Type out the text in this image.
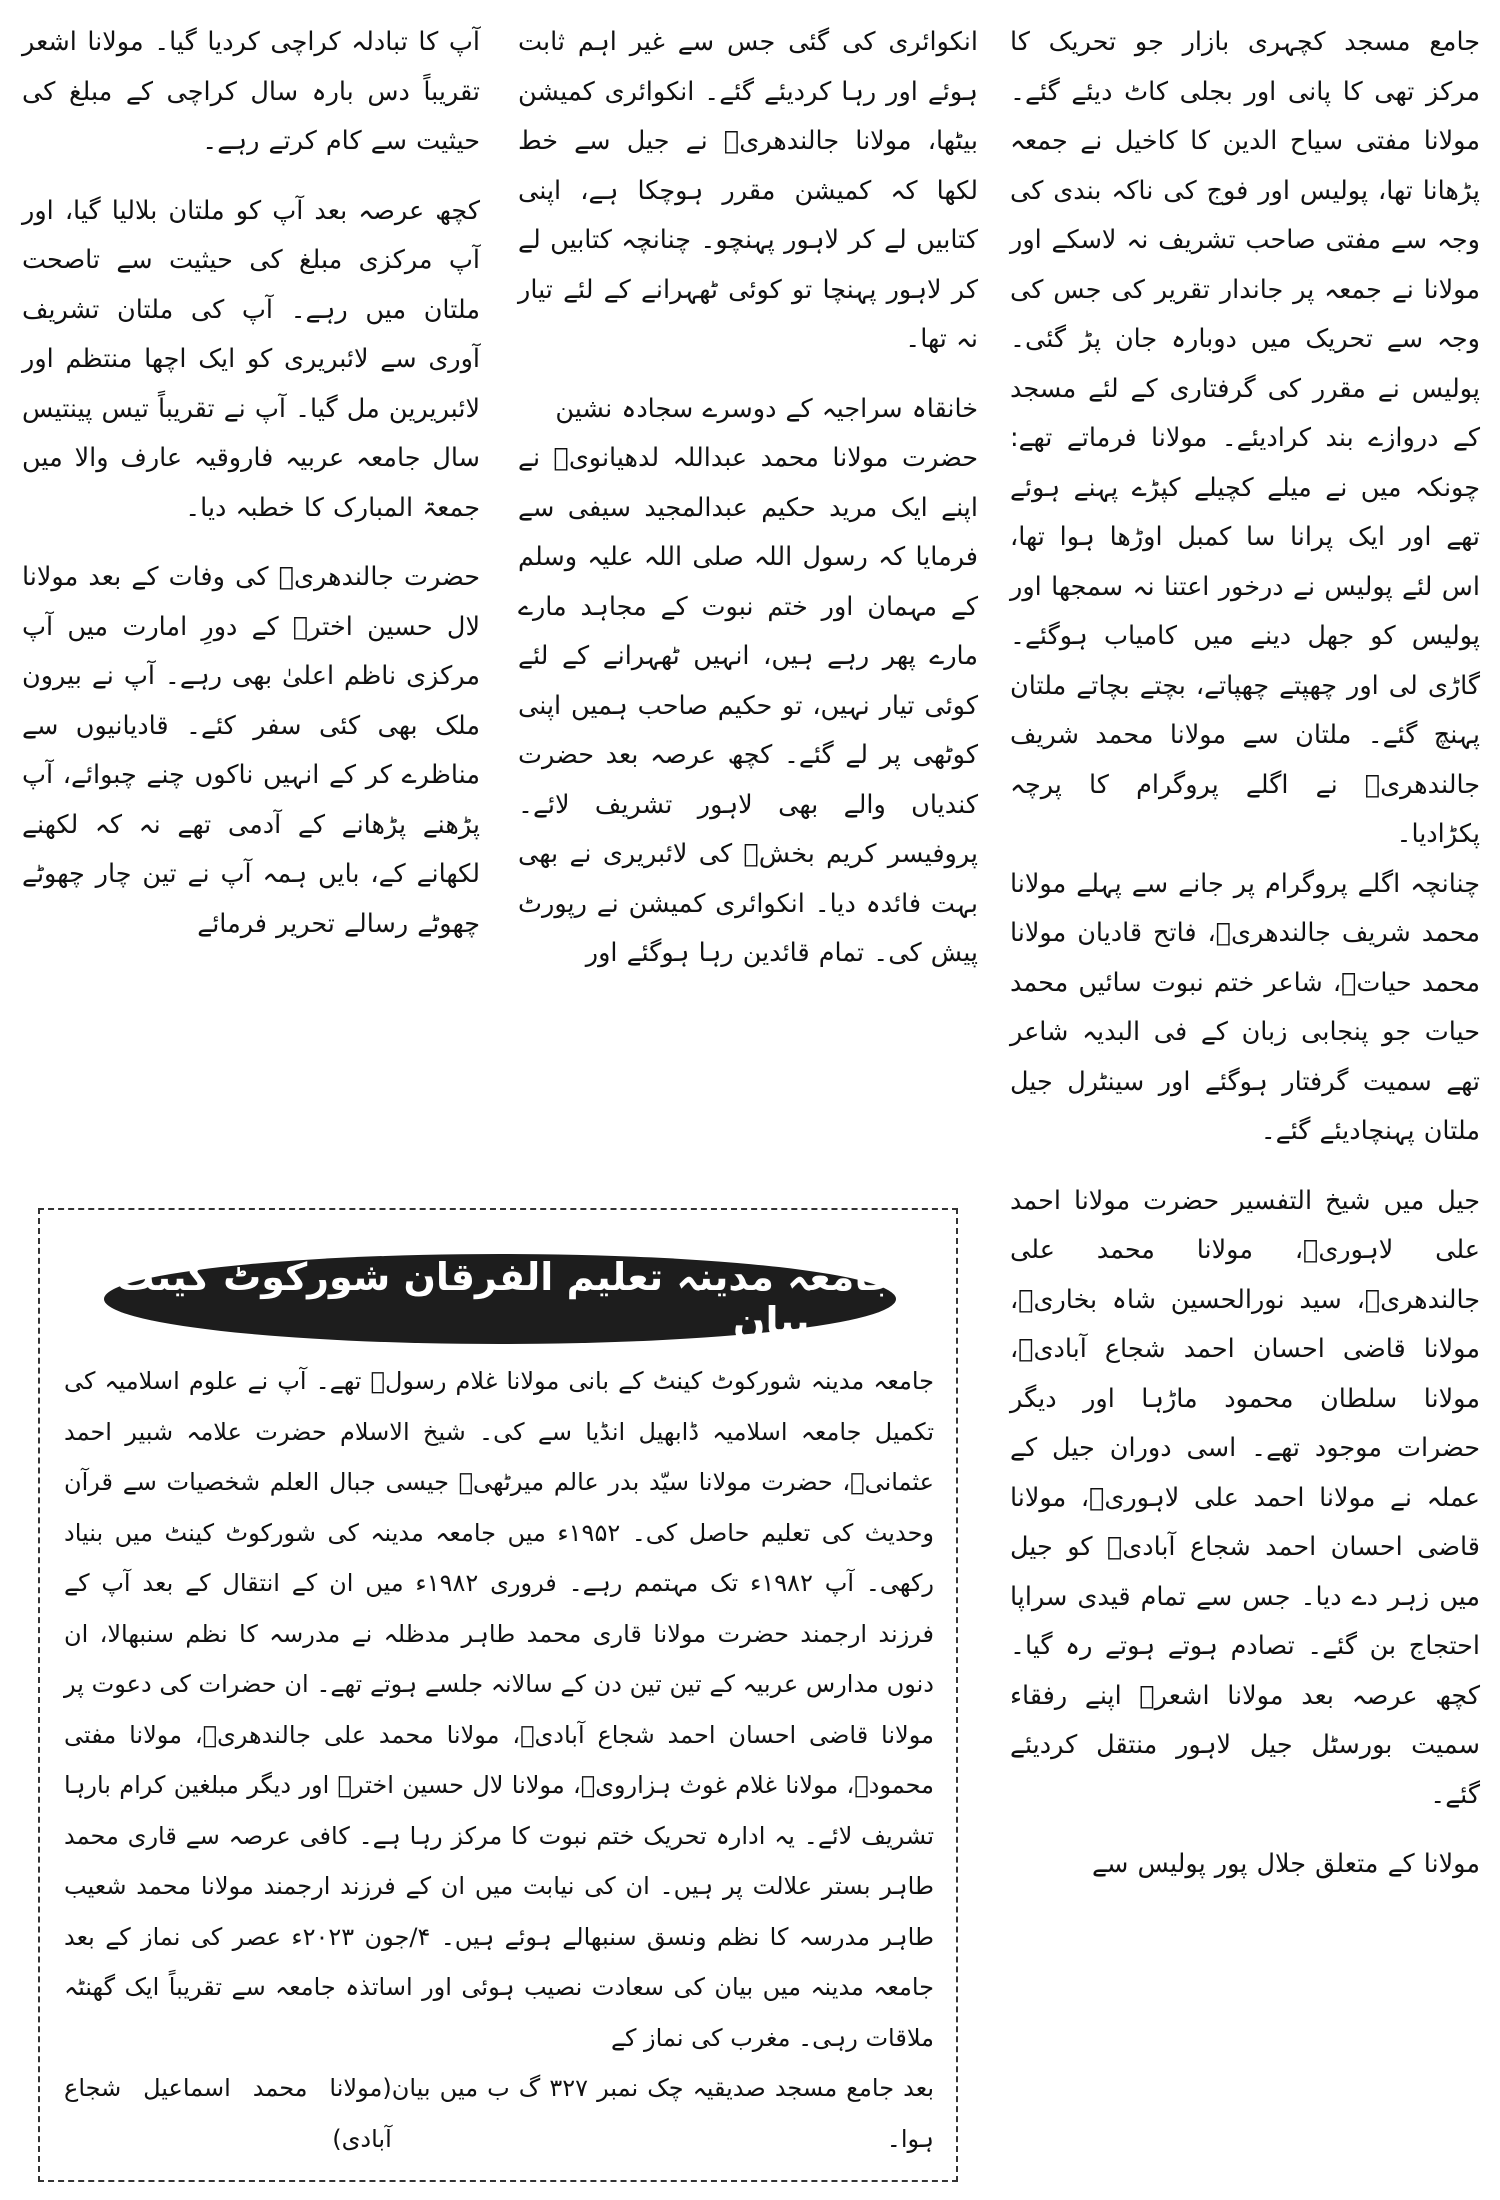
جامع مسجد کچہری بازار جو تحریک کا مرکز تھی کا پانی اور بجلی کاٹ دیئے گئے۔ مولانا مفتی سیاح الدین کا کاخیل نے جمعہ پڑھانا تھا، پولیس اور فوج کی ناکہ بندی کی وجہ سے مفتی صاحب تشریف نہ لاسکے اور مولانا نے جمعہ پر جاندار تقریر کی جس کی وجہ سے تحریک میں دوبارہ جان پڑ گئی۔ پولیس نے مقرر کی گرفتاری کے لئے مسجد کے دروازے بند کرادیئے۔ مولانا فرماتے تھے: چونکہ میں نے میلے کچیلے کپڑے پہنے ہوئے تھے اور ایک پرانا سا کمبل اوڑھا ہوا تھا، اس لئے پولیس نے درخور اعتنا نہ سمجھا اور پولیس کو جھل دینے میں کامیاب ہوگئے۔ گاڑی لی اور چھپتے چھپاتے، بچتے بچاتے ملتان پہنچ گئے۔ ملتان سے مولانا محمد شریف جالندھریؒ نے اگلے پروگرام کا پرچہ پکڑادیا۔

چنانچہ اگلے پروگرام پر جانے سے پہلے مولانا محمد شریف جالندھریؒ، فاتح قادیان مولانا محمد حیاتؒ، شاعر ختم نبوت سائیں محمد حیات جو پنجابی زبان کے فی البدیہ شاعر تھے سمیت گرفتار ہوگئے اور سینٹرل جیل ملتان پہنچادیئے گئے۔

جیل میں شیخ التفسیر حضرت مولانا احمد علی لاہوریؒ، مولانا محمد علی جالندھریؒ، سید نورالحسین شاہ بخاریؒ، مولانا قاضی احسان احمد شجاع آبادیؒ، مولانا سلطان محمود ماڑہا اور دیگر حضرات موجود تھے۔ اسی دوران جیل کے عملہ نے مولانا احمد علی لاہوریؒ، مولانا قاضی احسان احمد شجاع آبادیؒ کو جیل میں زہر دے دیا۔ جس سے تمام قیدی سراپا احتجاج بن گئے۔ تصادم ہوتے ہوتے رہ گیا۔ کچھ عرصہ بعد مولانا اشعرؒ اپنے رفقاء سمیت بورسٹل جیل لاہور منتقل کردیئے گئے۔

مولانا کے متعلق جلال پور پولیس سے

انکوائری کی گئی جس سے غیر اہم ثابت ہوئے اور رہا کردیئے گئے۔ انکوائری کمیشن بیٹھا، مولانا جالندھریؒ نے جیل سے خط لکھا کہ کمیشن مقرر ہوچکا ہے، اپنی کتابیں لے کر لاہور پہنچو۔ چنانچہ کتابیں لے کر لاہور پہنچا تو کوئی ٹھہرانے کے لئے تیار نہ تھا۔

خانقاہ سراجیہ کے دوسرے سجادہ نشین

حضرت مولانا محمد عبداللہ لدھیانویؒ نے اپنے ایک مرید حکیم عبدالمجید سیفی سے فرمایا کہ رسول اللہ صلی اللہ علیہ وسلم کے مہمان اور ختم نبوت کے مجاہد مارے مارے پھر رہے ہیں، انہیں ٹھہرانے کے لئے کوئی تیار نہیں، تو حکیم صاحب ہمیں اپنی کوٹھی پر لے گئے۔ کچھ عرصہ بعد حضرت کندیاں والے بھی لاہور تشریف لائے۔ پروفیسر کریم بخشؒ کی لائبریری نے بھی بہت فائدہ دیا۔ انکوائری کمیشن نے رپورٹ پیش کی۔ تمام قائدین رہا ہوگئے اور

آپ کا تبادلہ کراچی کردیا گیا۔ مولانا اشعر تقریباً دس بارہ سال کراچی کے مبلغ کی حیثیت سے کام کرتے رہے۔

کچھ عرصہ بعد آپ کو ملتان بلالیا گیا، اور آپ مرکزی مبلغ کی حیثیت سے تاصحت ملتان میں رہے۔ آپ کی ملتان تشریف آوری سے لائبریری کو ایک اچھا منتظم اور لائبریرین مل گیا۔ آپ نے تقریباً تیس پینتیس سال جامعہ عربیہ فاروقیہ عارف والا میں جمعۃ المبارک کا خطبہ دیا۔

حضرت جالندھریؒ کی وفات کے بعد مولانا لال حسین اخترؒ کے دورِ امارت میں آپ مرکزی ناظم اعلیٰ بھی رہے۔ آپ نے بیرون ملک بھی کئی سفر کئے۔ قادیانیوں سے مناظرے کر کے انہیں ناکوں چنے چبوائے، آپ پڑھنے پڑھانے کے آدمی تھے نہ کہ لکھنے لکھانے کے، بایں ہمہ آپ نے تین چار چھوٹے چھوٹے رسالے تحریر فرمائے

جامعہ مدینہ تعلیم الفرقان شورکوٹ کینٹ میں بیان

جامعہ مدینہ شورکوٹ کینٹ کے بانی مولانا غلام رسولؒ تھے۔ آپ نے علوم اسلامیہ کی تکمیل جامعہ اسلامیہ ڈابھیل انڈیا سے کی۔ شیخ الاسلام حضرت علامہ شبیر احمد عثمانیؒ، حضرت مولانا سیّد بدر عالم میرٹھیؒ جیسی جبال العلم شخصیات سے قرآن وحدیث کی تعلیم حاصل کی۔ ۱۹۵۲ء میں جامعہ مدینہ کی شورکوٹ کینٹ میں بنیاد رکھی۔ آپ ۱۹۸۲ء تک مہتمم رہے۔ فروری ۱۹۸۲ء میں ان کے انتقال کے بعد آپ کے فرزند ارجمند حضرت مولانا قاری محمد طاہر مدظلہ نے مدرسہ کا نظم سنبھالا، ان دنوں مدارس عربیہ کے تین تین دن کے سالانہ جلسے ہوتے تھے۔ ان حضرات کی دعوت پر مولانا قاضی احسان احمد شجاع آبادیؒ، مولانا محمد علی جالندھریؒ، مولانا مفتی محمودؒ، مولانا غلام غوث ہزارویؒ، مولانا لال حسین اخترؒ اور دیگر مبلغین کرام بارہا تشریف لائے۔ یہ ادارہ تحریک ختم نبوت کا مرکز رہا ہے۔ کافی عرصہ سے قاری محمد طاہر بستر علالت پر ہیں۔ ان کی نیابت میں ان کے فرزند ارجمند مولانا محمد شعیب طاہر مدرسہ کا نظم ونسق سنبھالے ہوئے ہیں۔ ۴/جون ۲۰۲۳ء عصر کی نماز کے بعد جامعہ مدینہ میں بیان کی سعادت نصیب ہوئی اور اساتذہ جامعہ سے تقریباً ایک گھنٹہ ملاقات رہی۔ مغرب کی نماز کے

بعد جامع مسجد صدیقیہ چک نمبر ۳۲۷ گ ب میں بیان ہوا۔
(مولانا محمد اسماعیل شجاع آبادی)
